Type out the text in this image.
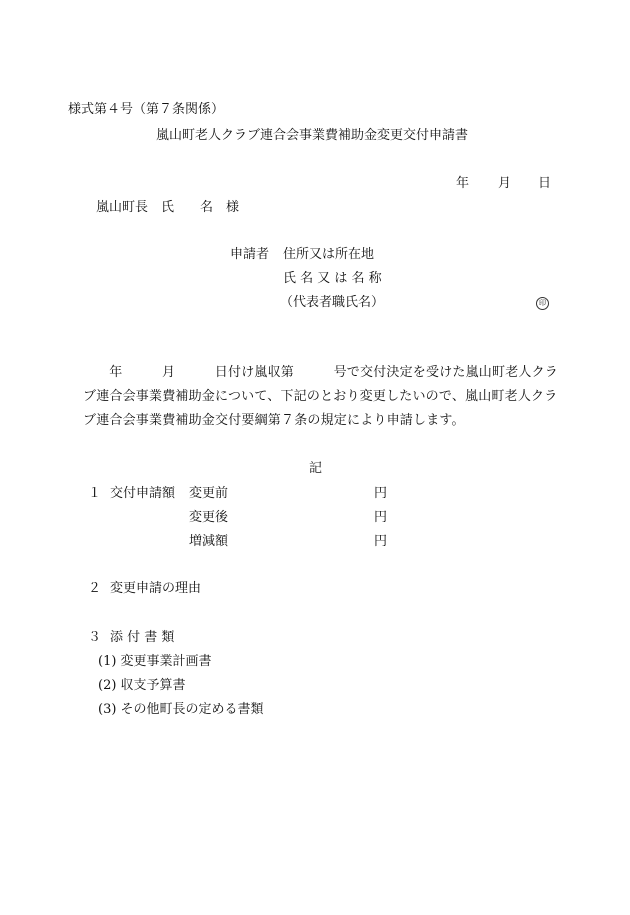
様式第４号（第７条関係）
嵐山町老人クラブ連合会事業費補助金変更交付申請書
年 月 日
嵐山町長　氏　　名　様
申請者 住所又は所在地
氏 名 又 は 名 称
（代表者職氏名）	印
　年　　　月　　　日付け嵐収第　　　号で交付決定を受けた嵐山町老人クラ
ブ連合会事業費補助金について、下記のとおり変更したいので、嵐山町老人クラ
ブ連合会事業費補助金交付要綱第７条の規定により申請します。
記
１ 交付申請額 変更前	円
変更後	円
増減額	円
２ 変更申請の理由
３ 添 付 書 類
(1) 変更事業計画書
(2) 収支予算書
(3) その他町長の定める書類
